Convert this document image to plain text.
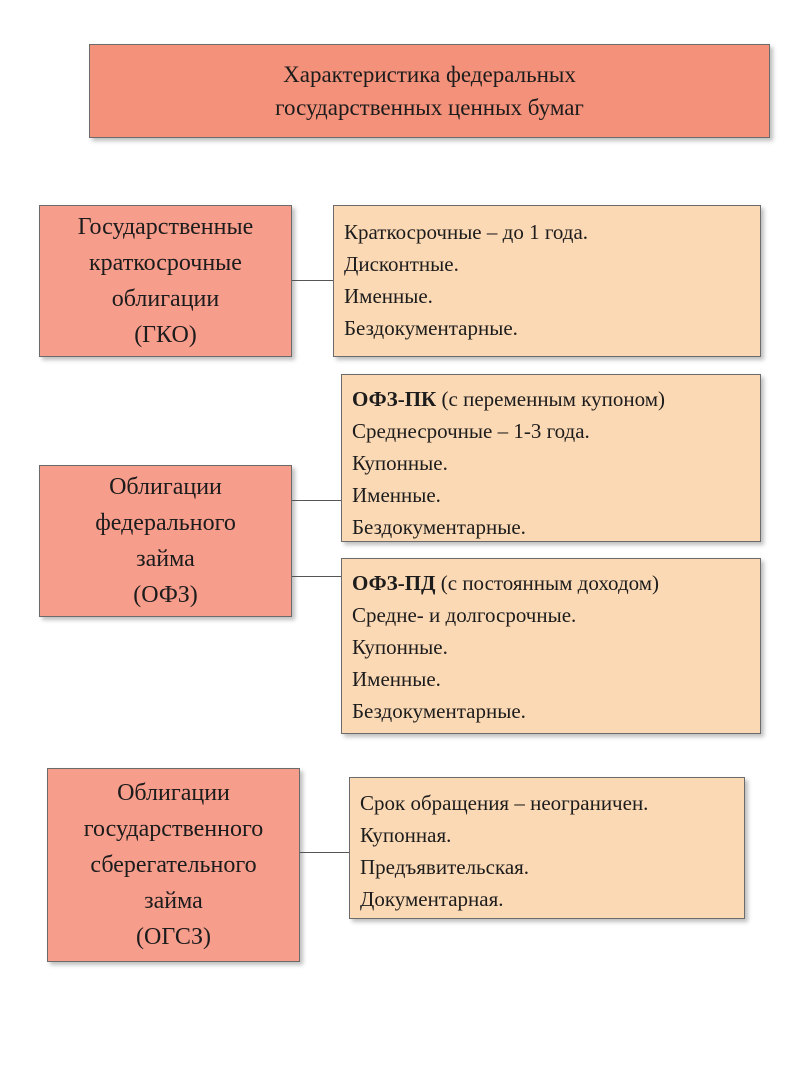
Характеристика федеральных
государственных ценных бумаг
Государственные
краткосрочные
облигации
(ГКО)
Краткосрочные – до 1 года.
Дисконтные.
Именные.
Бездокументарные.
Облигации
федерального
займа
(ОФЗ)
ОФЗ-ПК (с переменным купоном)
Среднесрочные – 1-3 года.
Купонные.
Именные.
Бездокументарные.
ОФЗ-ПД (с постоянным доходом)
Средне- и долгосрочные.
Купонные.
Именные.
Бездокументарные.
Облигации
государственного
сберегательного
займа
(ОГСЗ)
Срок обращения – неограничен.
Купонная.
Предъявительская.
Документарная.
